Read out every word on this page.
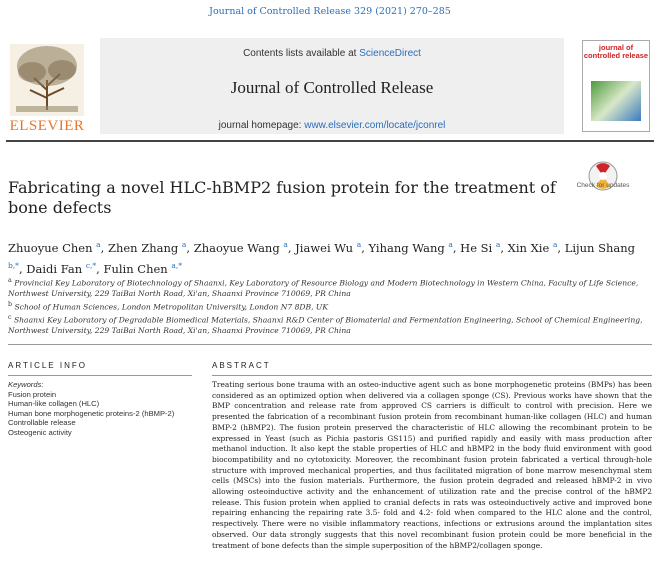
Journal of Controlled Release 329 (2021) 270–285
ELSEVIER
Contents lists available at ScienceDirect
Journal of Controlled Release
journal homepage: www.elsevier.com/locate/jconrel
journal of controlled release
Fabricating a novel HLC-hBMP2 fusion protein for the treatment of bone defects
Check for updates
Zhuoyue Chen $^a$, Zhen Zhang $^a$, Zhaoyue Wang $^a$, Jiawei Wu $^a$, Yihang Wang $^a$, He Si $^a$, Xin Xie $^a$, Lijun Shang $^{b,*}$, Daidi Fan $^{c,*}$, Fulin Chen $^{a,*}$
$^a$ Provincial Key Laboratory of Biotechnology of Shaanxi, Key Laboratory of Resource Biology and Modern Biotechnology in Western China, Faculty of Life Science, Northwest University, 229 TaiBai North Road, Xi'an, Shaanxi Province 710069, PR China
$^b$ School of Human Sciences, London Metropolitan University, London N7 8DB, UK
$^c$ Shaanxi Key Laboratory of Degradable Biomedical Materials, Shaanxi R&D Center of Biomaterial and Fermentation Engineering, School of Chemical Engineering, Northwest University, 229 TaiBai North Road, Xi'an, Shaanxi Province 710069, PR China
ARTICLE INFO	ABSTRACT
Keywords:
Fusion protein
Human-like collagen (HLC)
Human bone morphogenetic proteins-2 (hBMP-2)
Controllable release
Osteogenic activity
Treating serious bone trauma with an osteo-inductive agent such as bone morphogenetic proteins (BMPs) has been considered as an optimized option when delivered via a collagen sponge (CS). Previous works have shown that the BMP concentration and release rate from approved CS carriers is difficult to control with precision. Here we presented the fabrication of a recombinant fusion protein from recombinant human-like collagen (HLC) and human BMP-2 (hBMP2). The fusion protein preserved the characteristic of HLC allowing the recombinant protein to be expressed in Yeast (such as Pichia pastoris GS115) and purified rapidly and easily with mass production after methanol induction. It also kept the stable properties of HLC and hBMP2 in the body fluid environment with good biocompatibility and no cytotoxicity. Moreover, the recombinant fusion protein fabricated a vertical through-hole structure with improved mechanical properties, and thus facilitated migration of bone marrow mesenchymal stem cells (MSCs) into the fusion materials. Furthermore, the fusion protein degraded and released hBMP-2 in vivo allowing osteoinductive activity and the enhancement of utilization rate and the precise control of the hBMP2 release. This fusion protein when applied to cranial defects in rats was osteoinductively active and improved bone repairing enhancing the repairing rate 3.5- fold and 4.2- fold when compared to the HLC alone and the control, respectively. There were no visible inflammatory reactions, infections or extrusions around the implantation sites observed. Our data strongly suggests that this novel recombinant fusion protein could be more beneficial in the treatment of bone defects than the simple superposition of the hBMP2/collagen sponge.
